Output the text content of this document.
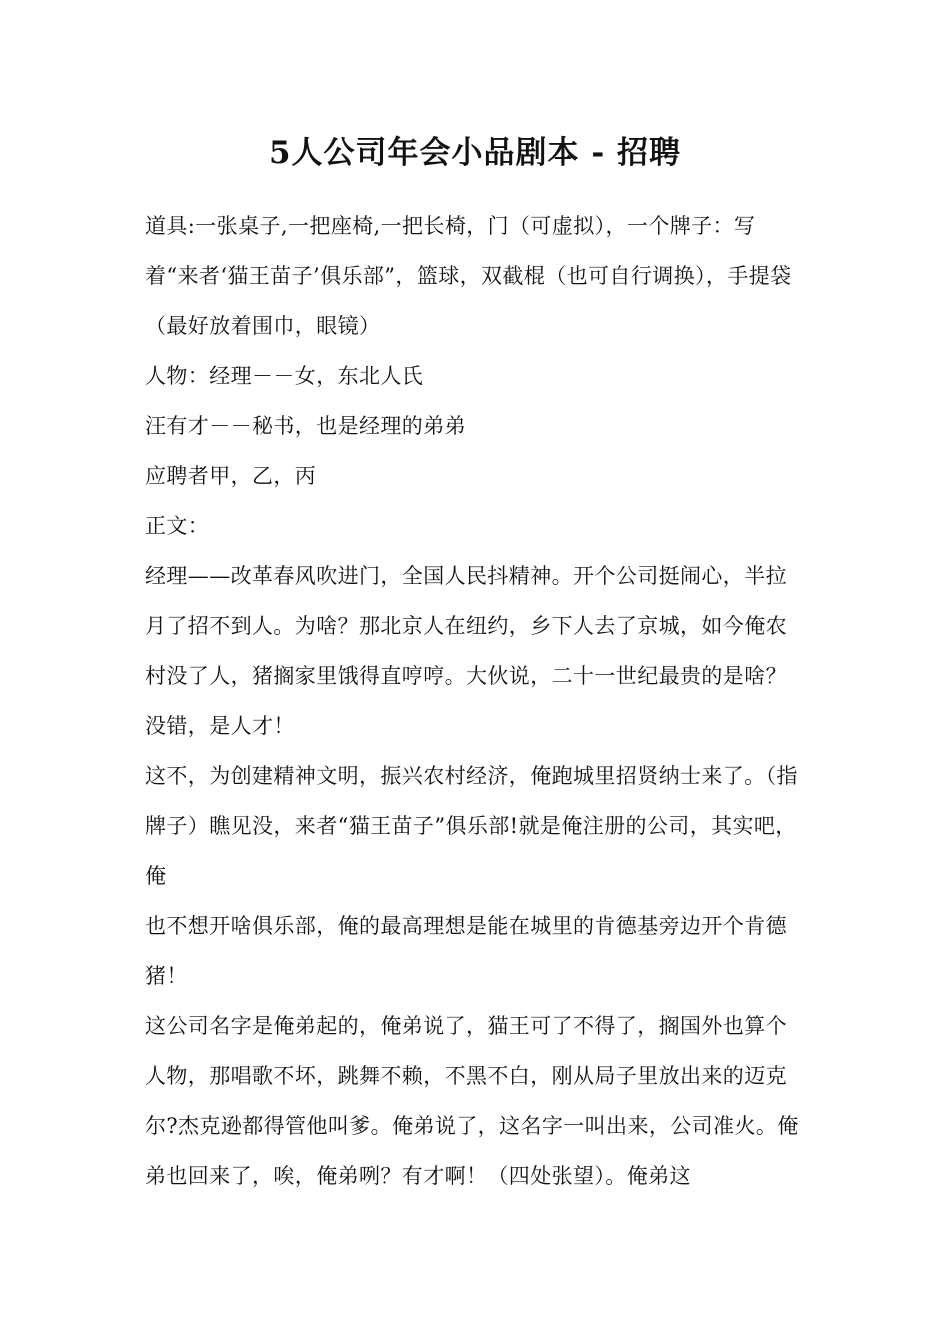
5人公司年会小品剧本 - 招聘

道具:一张桌子,一把座椅,一把长椅，门（可虚拟），一个牌子：写着“来者‘猫王苗子’俱乐部”，篮球，双截棍（也可自行调换），手提袋（最好放着围巾，眼镜）

人物：经理－－女，东北人氏

汪有才－－秘书，也是经理的弟弟

应聘者甲，乙，丙

正文：

经理——改革春风吹进门，全国人民抖精神。开个公司挺闹心，半拉月了招不到人。为啥？那北京人在纽约，乡下人去了京城，如今俺农村没了人，猪搁家里饿得直哼哼。大伙说，二十一世纪最贵的是啥？没错，是人才！

这不，为创建精神文明，振兴农村经济，俺跑城里招贤纳士来了。（指牌子）瞧见没，来者“猫王苗子”俱乐部!就是俺注册的公司，其实吧，俺

也不想开啥俱乐部，俺的最高理想是能在城里的肯德基旁边开个肯德猪！

这公司名字是俺弟起的，俺弟说了，猫王可了不得了，搁国外也算个人物，那唱歌不坏，跳舞不赖，不黑不白，刚从局子里放出来的迈克尔?杰克逊都得管他叫爹。俺弟说了，这名字一叫出来，公司准火。俺弟也回来了，唉，俺弟咧？有才啊！（四处张望）。俺弟这
